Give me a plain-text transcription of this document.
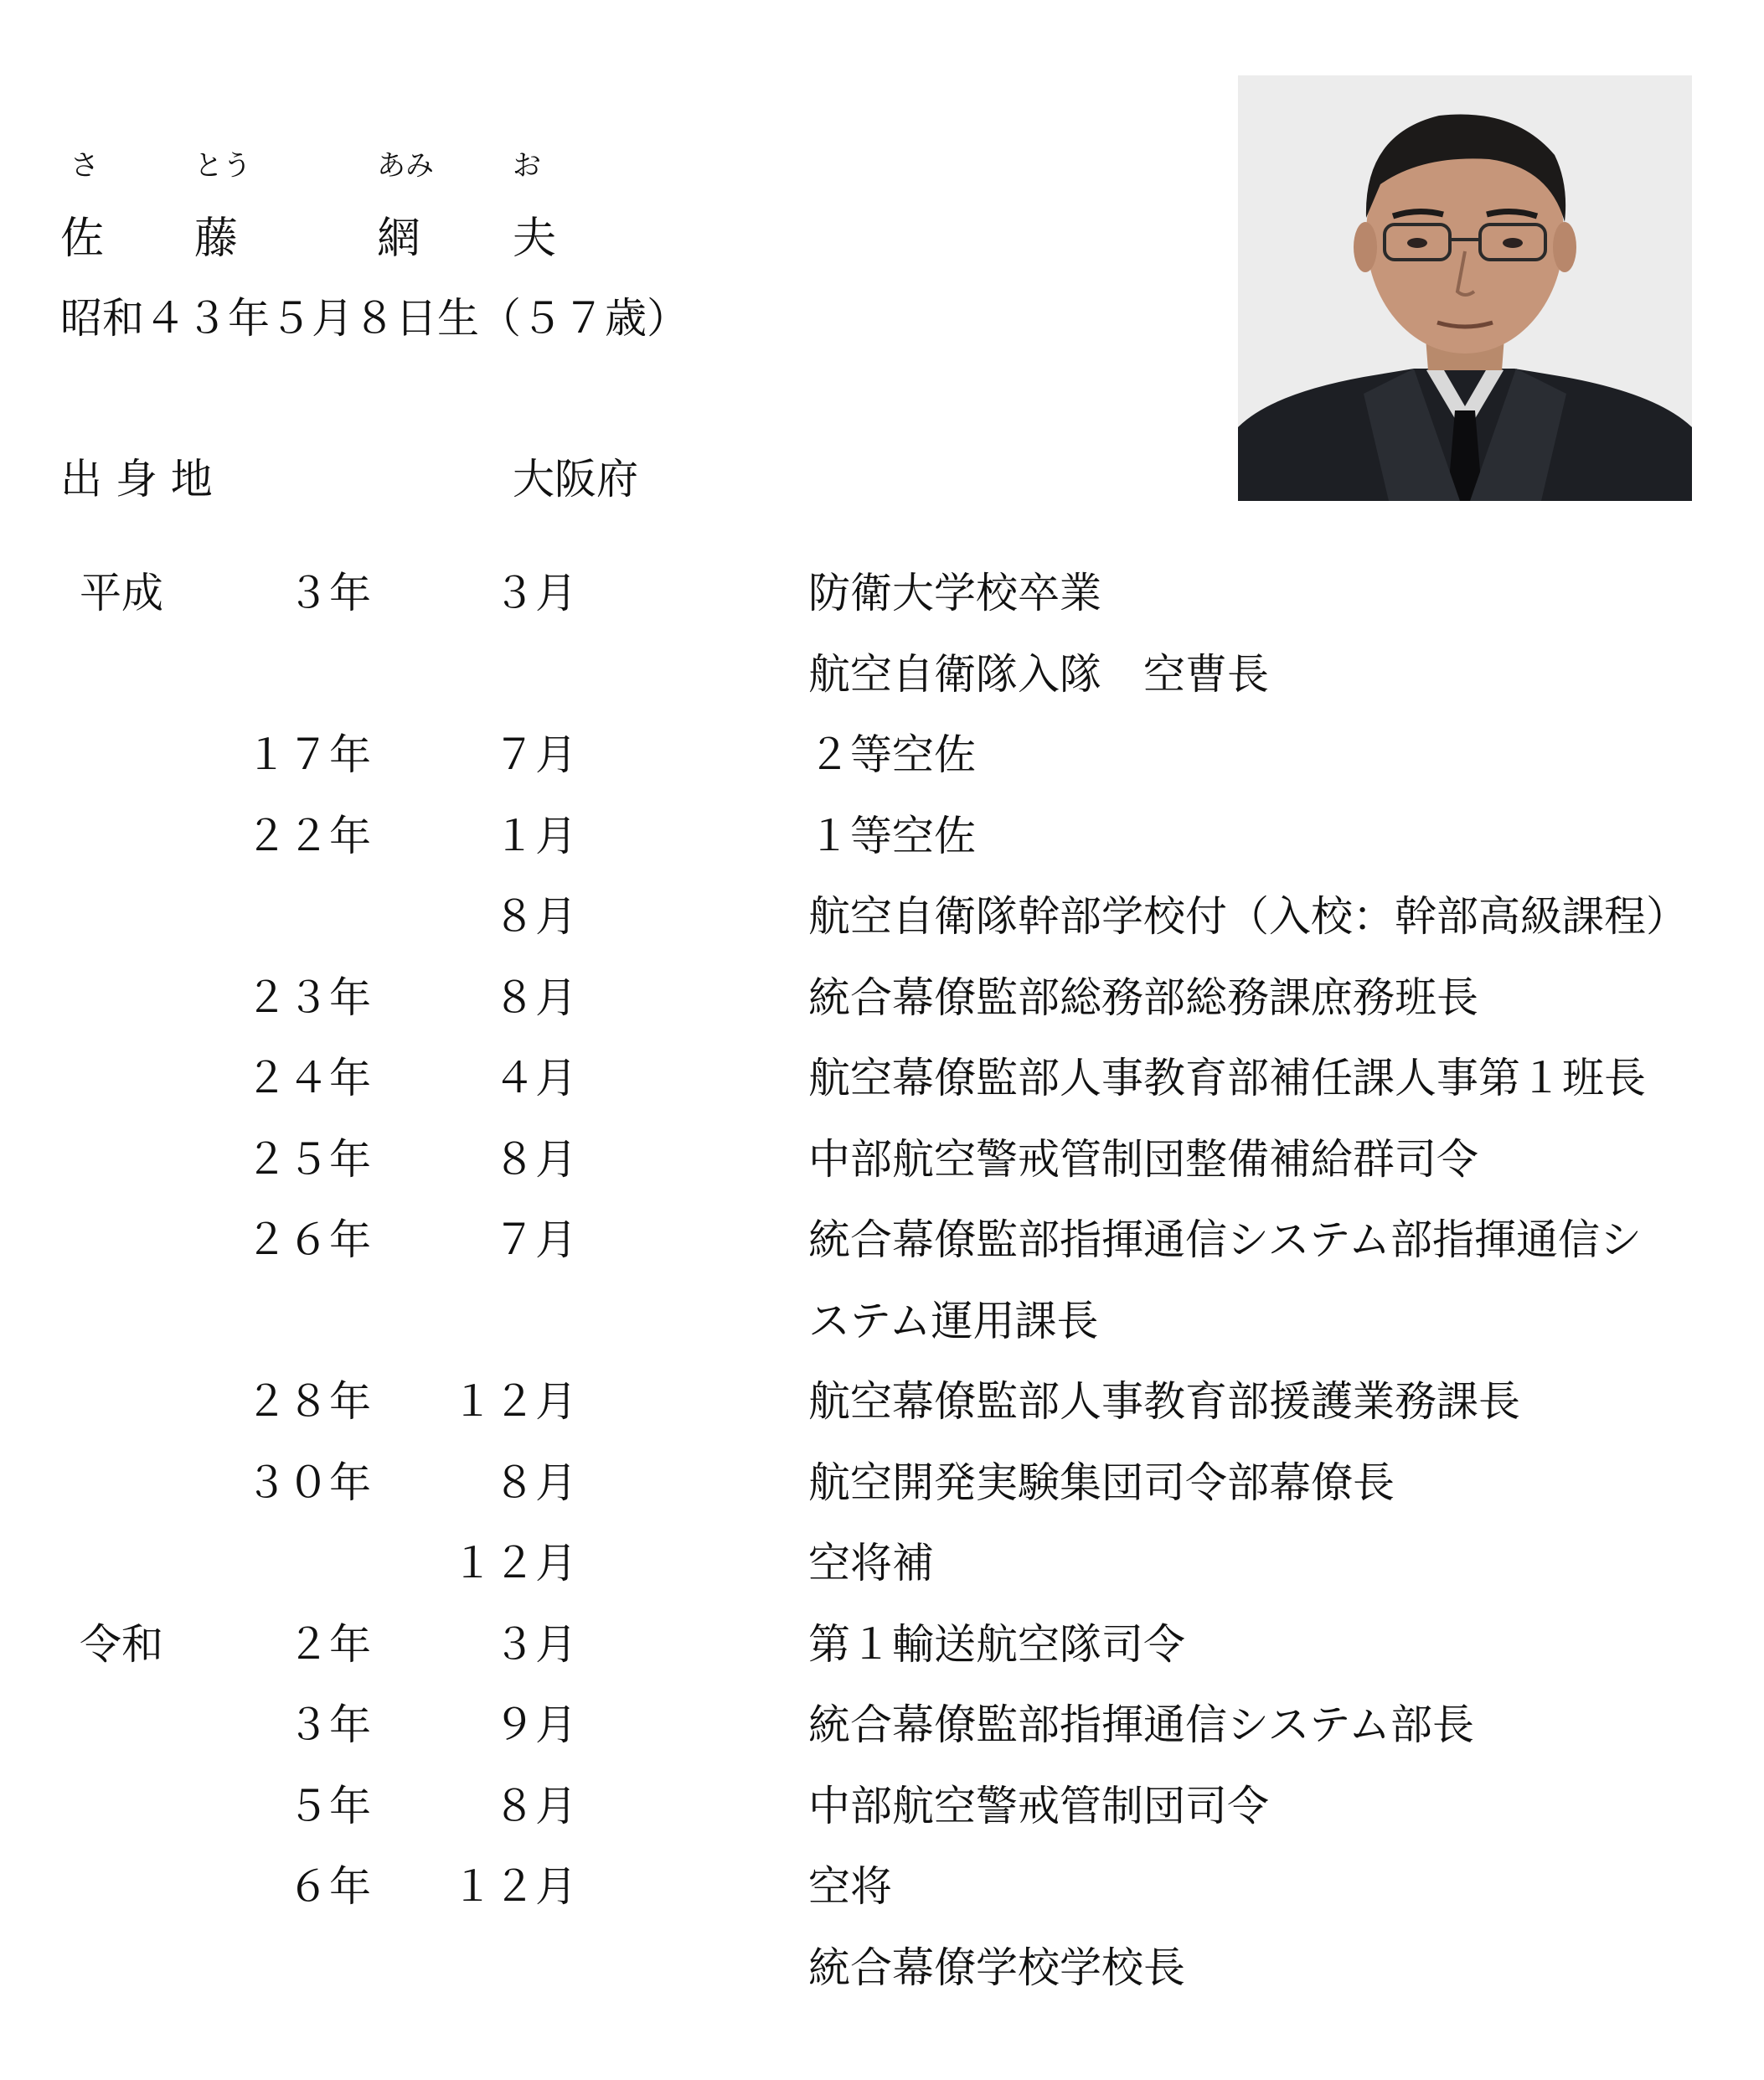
さ	とう	あみ	お
佐 藤	網 夫
昭和４３年５月８日生（５７歳）
出 身 地	大阪府
平成	３年	３月	防衛大学校卒業
航空自衛隊入隊　空曹長
１７年	７月	２等空佐
２２年	１月	１等空佐
８月	航空自衛隊幹部学校付（入校：幹部高級課程）
２３年	８月	統合幕僚監部総務部総務課庶務班長
２４年	４月	航空幕僚監部人事教育部補任課人事第１班長
２５年	８月	中部航空警戒管制団整備補給群司令
２６年	７月	統合幕僚監部指揮通信システム部指揮通信シ
ステム運用課長
２８年 １２月	航空幕僚監部人事教育部援護業務課長
３０年	８月	航空開発実験集団司令部幕僚長
１２月	空将補
令和	２年	３月	第１輸送航空隊司令
３年	９月	統合幕僚監部指揮通信システム部長
５年	８月	中部航空警戒管制団司令
６年 １２月	空将
統合幕僚学校学校長
